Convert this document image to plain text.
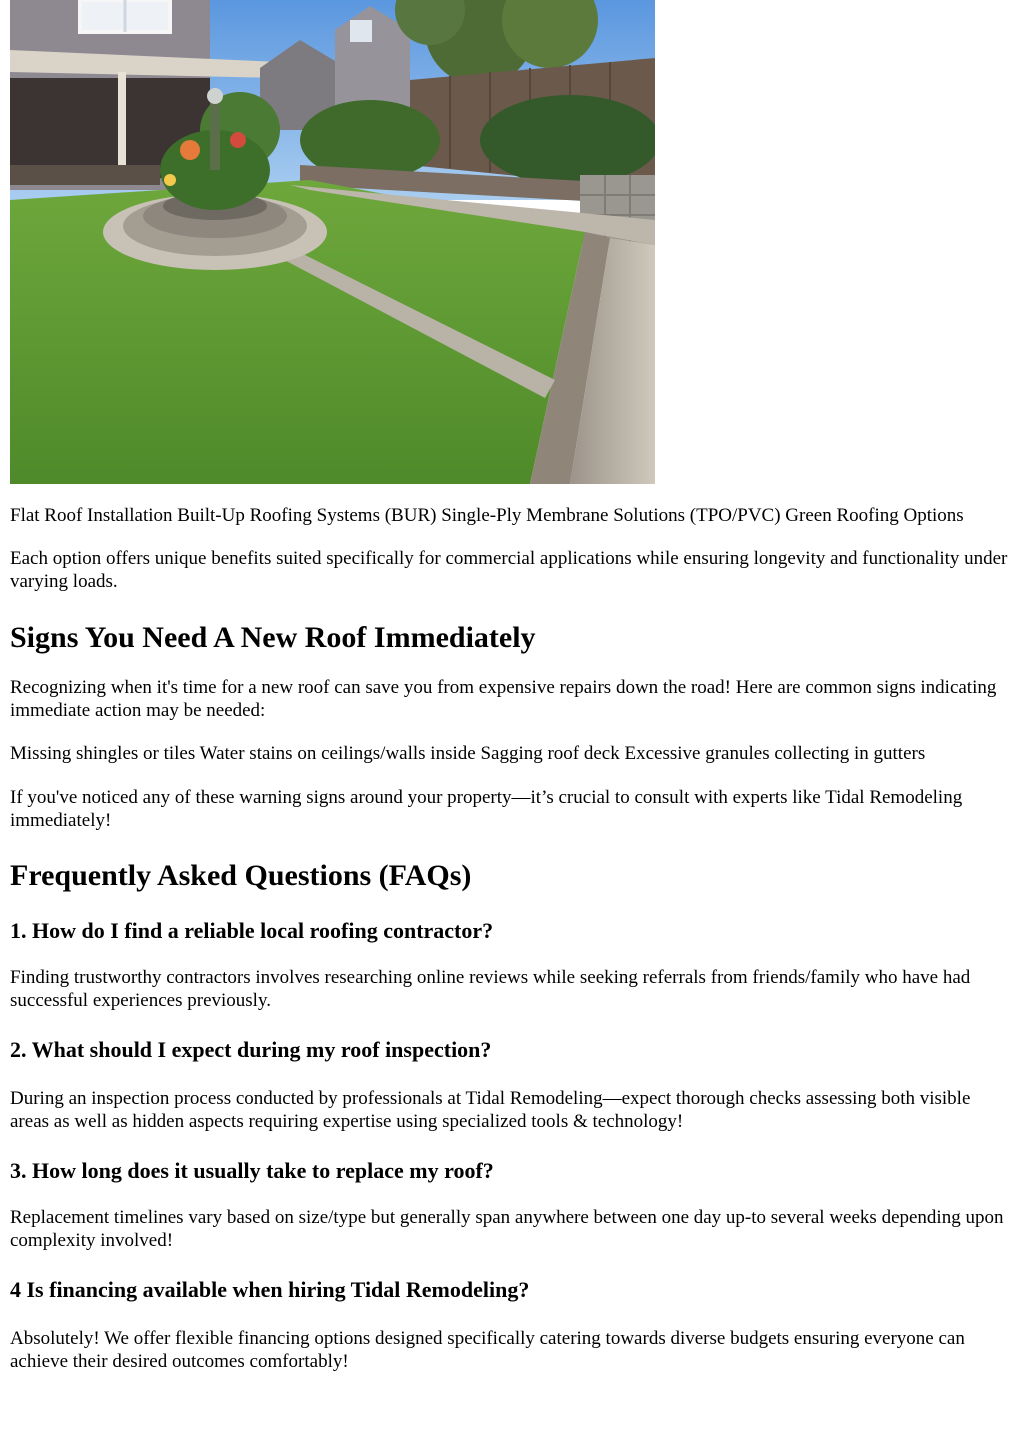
Flat Roof Installation Built-Up Roofing Systems (BUR) Single-Ply Membrane Solutions (TPO/PVC) Green Roofing Options

Each option offers unique benefits suited specifically for commercial applications while ensuring longevity and functionality under varying loads.

Signs You Need A New Roof Immediately

Recognizing when it's time for a new roof can save you from expensive repairs down the road! Here are common signs indicating immediate action may be needed:

Missing shingles or tiles Water stains on ceilings/walls inside Sagging roof deck Excessive granules collecting in gutters

If you've noticed any of these warning signs around your property—it’s crucial to consult with experts like Tidal Remodeling immediately!

Frequently Asked Questions (FAQs)
1. How do I find a reliable local roofing contractor?

Finding trustworthy contractors involves researching online reviews while seeking referrals from friends/family who have had successful experiences previously.

2. What should I expect during my roof inspection?

During an inspection process conducted by professionals at Tidal Remodeling—expect thorough checks assessing both visible areas as well as hidden aspects requiring expertise using specialized tools & technology!

3. How long does it usually take to replace my roof?

Replacement timelines vary based on size/type but generally span anywhere between one day up-to several weeks depending upon complexity involved!

4 Is financing available when hiring Tidal Remodeling?

Absolutely! We offer flexible financing options designed specifically catering towards diverse budgets ensuring everyone can achieve their desired outcomes comfortably!
